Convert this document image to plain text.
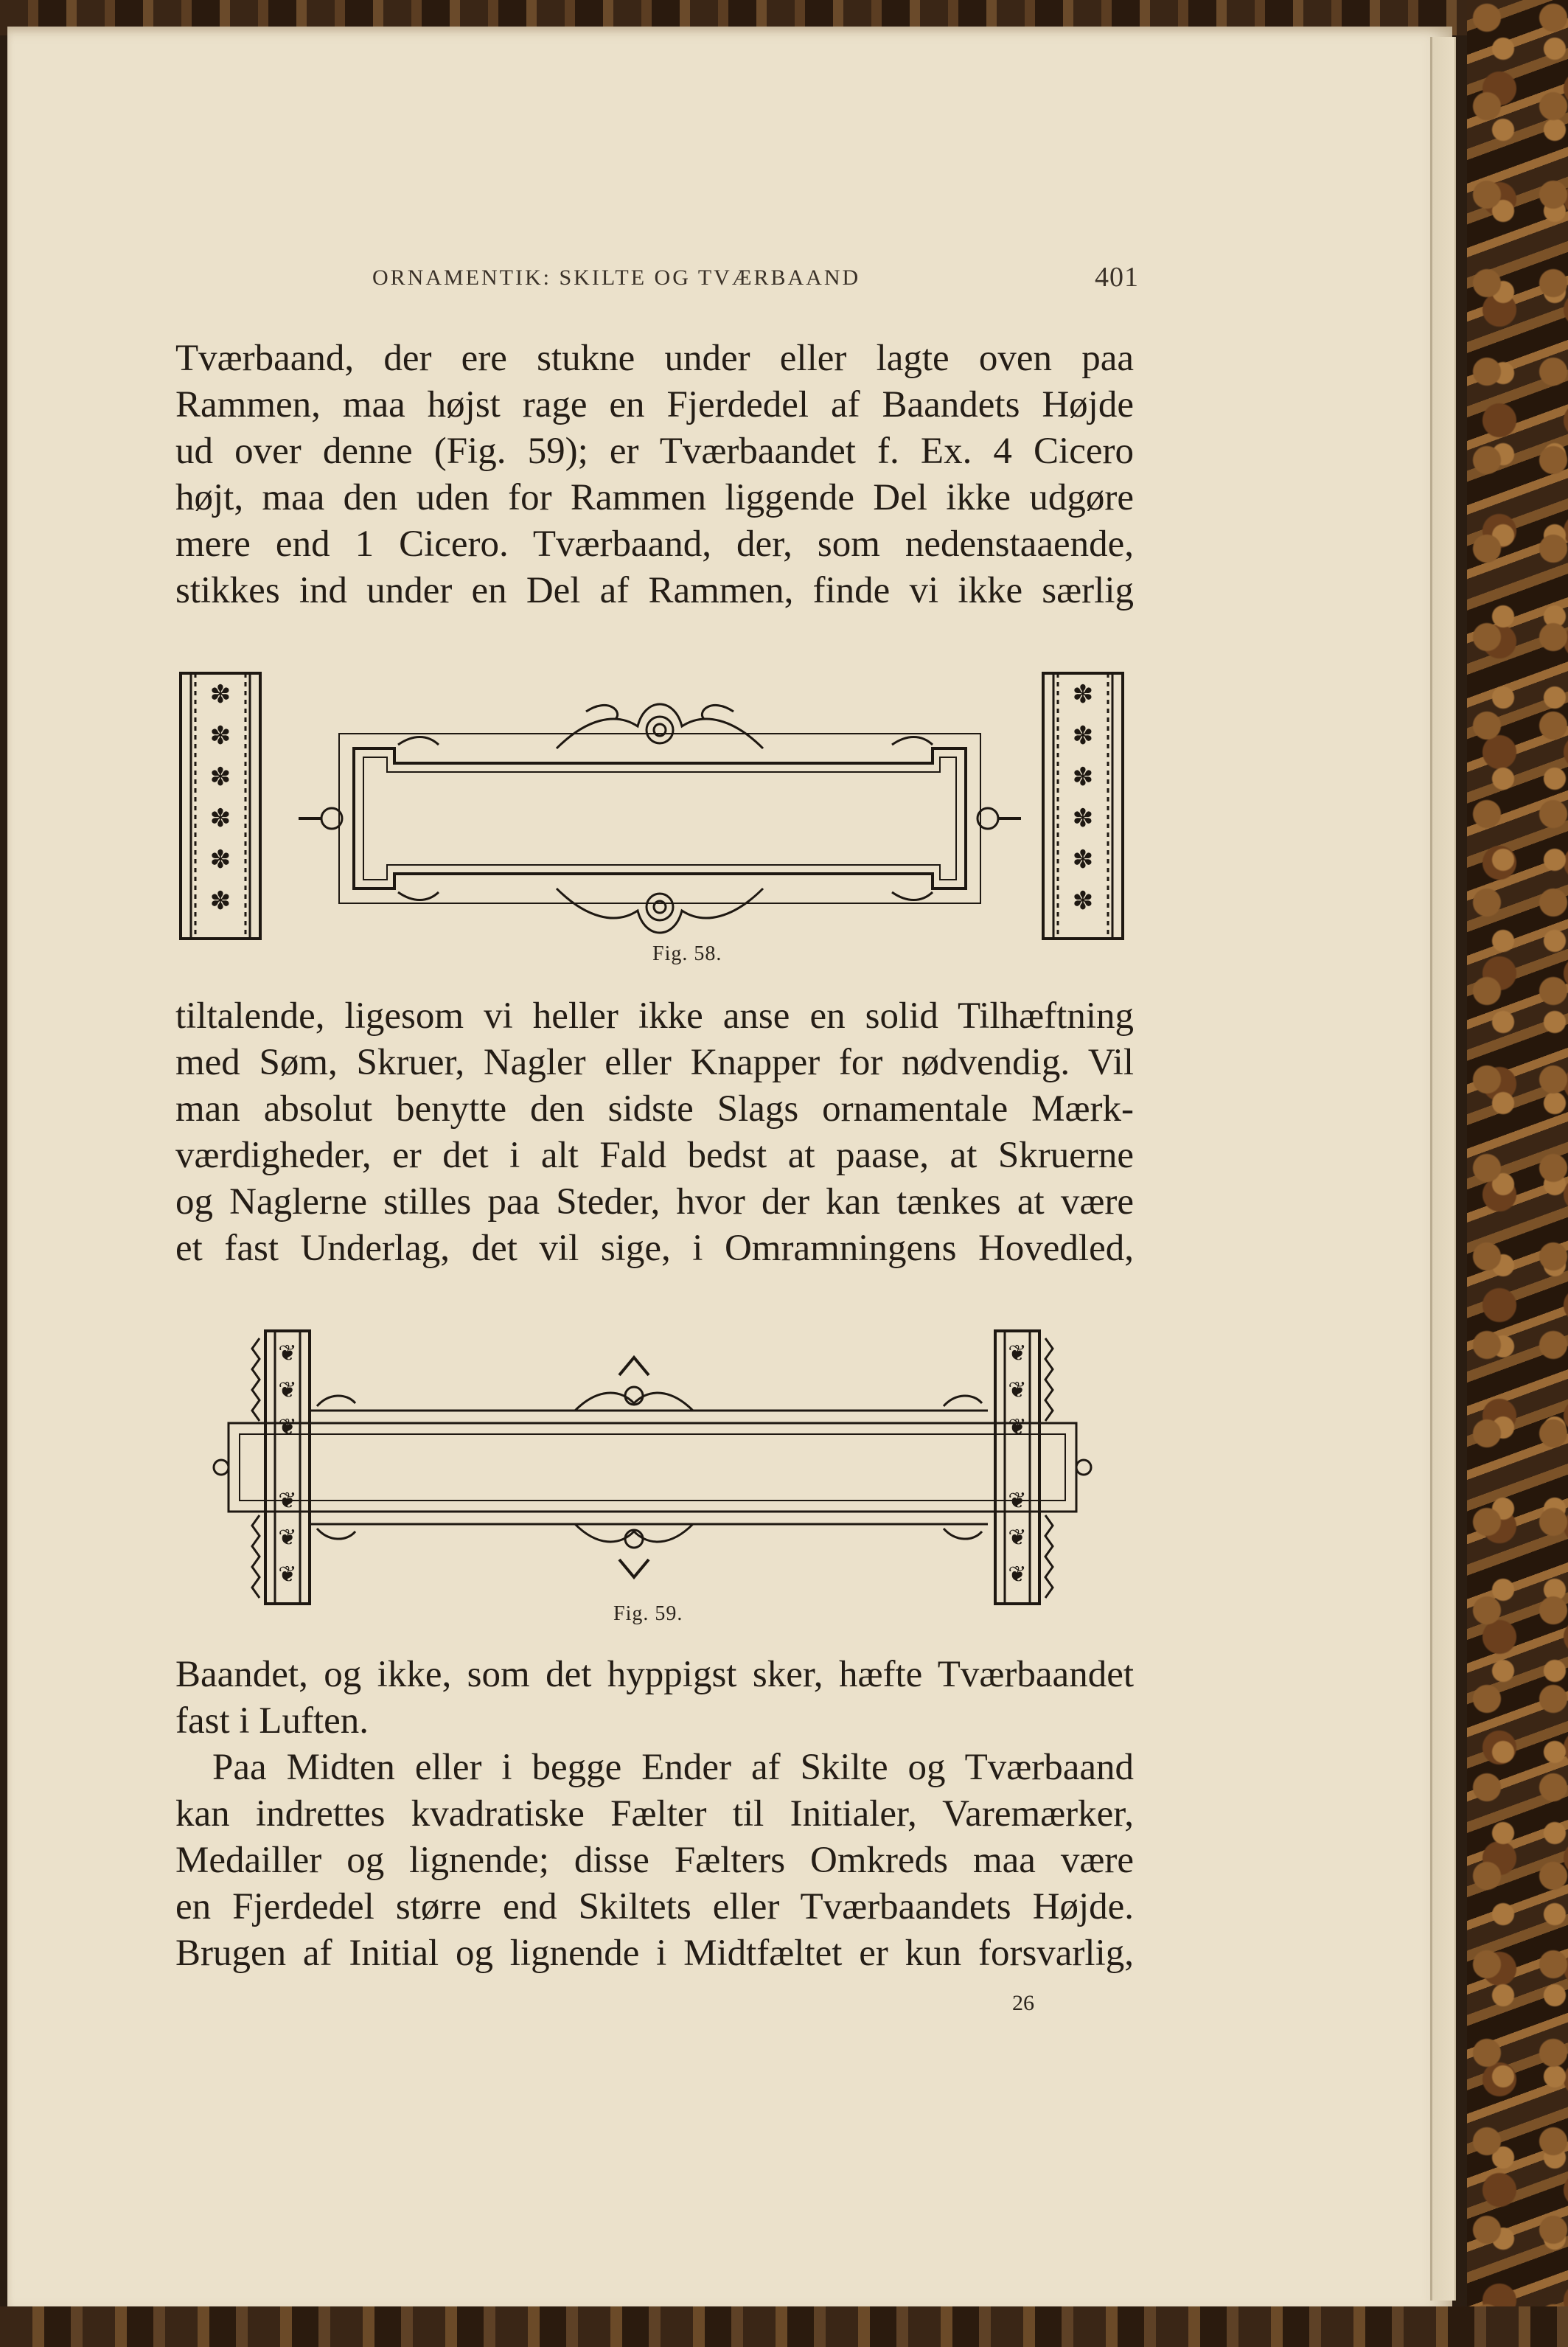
ORNAMENTIK: SKILTE OG TVÆRBAAND	401
Tværbaand, der ere stukne under eller lagte oven paa
Rammen, maa højst rage en Fjerdedel af Baandets Højde
ud over denne (Fig. 59); er Tværbaandet f. Ex. 4 Cicero
højt, maa den uden for Rammen liggende Del ikke udgøre
mere end 1 Cicero. Tværbaand, der, som nedenstaaende,
stikkes ind under en Del af Rammen, finde vi ikke særlig
✽
✽
✽
✽
✽
✽
✽
✽
✽
✽
✽
✽
Fig. 58.
tiltalende, ligesom vi heller ikke anse en solid Tilhæftning
med Søm, Skruer, Nagler eller Knapper for nødvendig. Vil
man absolut benytte den sidste Slags ornamentale Mærk-
værdigheder, er det i alt Fald bedst at paase, at Skruerne
og Naglerne stilles paa Steder, hvor der kan tænkes at være
et fast Underlag, det vil sige, i Omramningens Hovedled,
❦
❦
❦
❦
❦
❦
❦
❦
❦
❦
❦
❦
Fig. 59.
Baandet, og ikke, som det hyppigst sker, hæfte Tværbaandet
fast i Luften.
Paa Midten eller i begge Ender af Skilte og Tværbaand
kan indrettes kvadratiske Fælter til Initialer, Varemærker,
Medailler og lignende; disse Fælters Omkreds maa være
en Fjerdedel større end Skiltets eller Tværbaandets Højde.
Brugen af Initial og lignende i Midtfæltet er kun forsvarlig,
26
